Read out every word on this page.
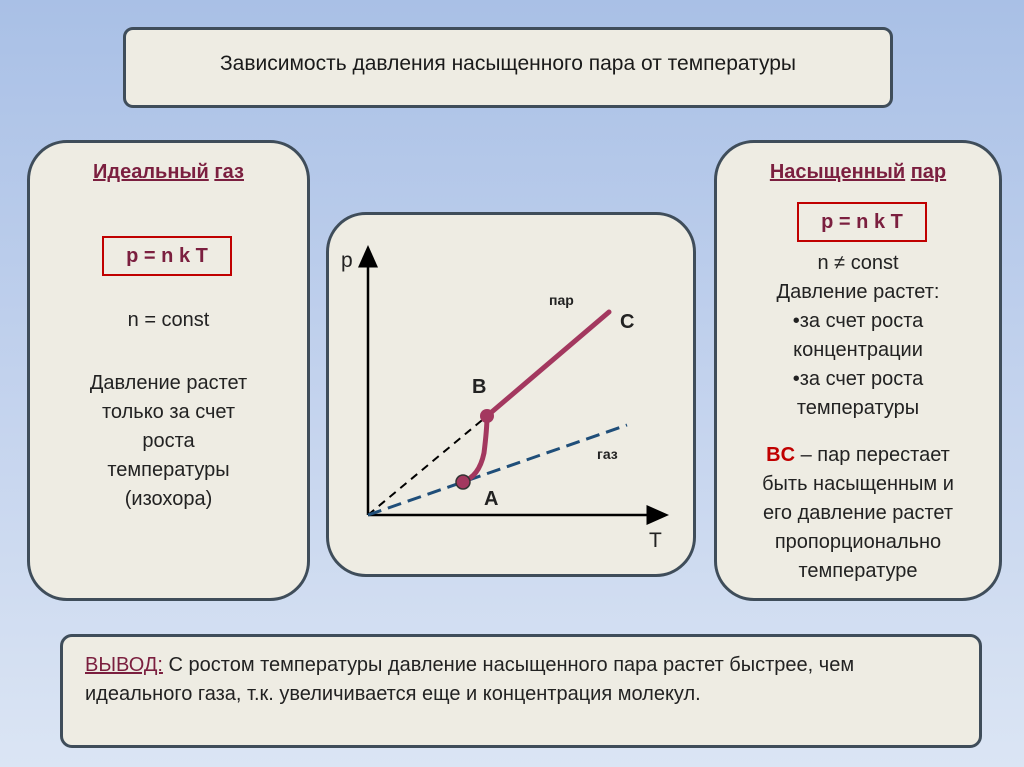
Зависимость давления насыщенного пара от температуры
Идеальный газ
p = n k T
n = const
Давление растет
только за счет
роста
температуры
(изохора)
p
T
пар
газ
A
B
C
Насыщенный пар
p = n k T
n ≠ const
Давление растет:
•за счет роста
концентрации
•за счет роста
температуры
BC – пар перестает
быть насыщенным и
его давление растет
пропорционально
температуре
ВЫВОД: С ростом температуры давление насыщенного пара растет быстрее, чем идеального газа, т.к. увеличивается еще и концентрация молекул.
